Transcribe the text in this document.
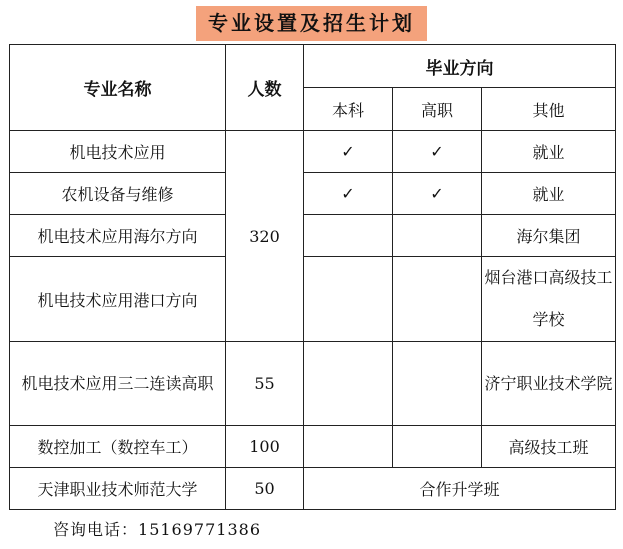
专业设置及招生计划
专业名称	人数	毕业方向		
		本科	高职	其他
机电技术应用	320	✓	✓	就业
农机设备与维修		✓	✓	就业
机电技术应用海尔方向				海尔集团
机电技术应用港口方向				烟台港口高级技工学校
机电技术应用三二连读高职	55			济宁职业技术学院
数控加工（数控车工）	100			高级技工班
天津职业技术师范大学	50	合作升学班		
咨询电话：15169771386
